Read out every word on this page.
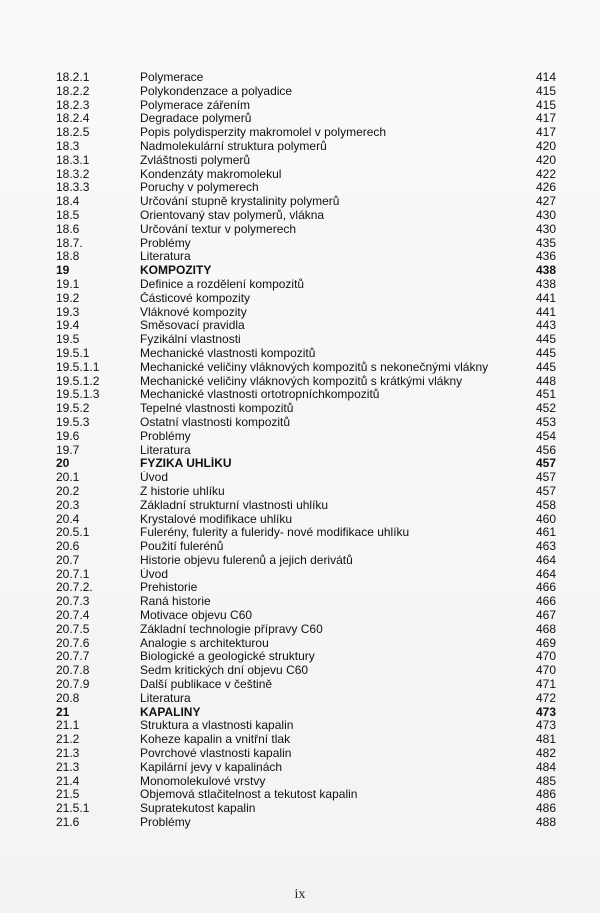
18.2.1	Polymerace	414
18.2.2	Polykondenzace a polyadice	415
18.2.3	Polymerace zářením	415
18.2.4	Degradace polymerů	417
18.2.5	Popis polydisperzity makromolel v polymerech	417
18.3	Nadmolekulární struktura polymerů	420
18.3.1	Zvláštnosti polymerů	420
18.3.2	Kondenzáty makromolekul	422
18.3.3	Poruchy v polymerech	426
18.4	Určování stupně krystalinity polymerů	427
18.5	Orientovaný stav polymerů, vlákna	430
18.6	Určování textur v polymerech	430
18.7.	Problémy	435
18.8	Literatura	436
19	KOMPOZITY	438
19.1	Definice a rozdělení kompozitů	438
19.2	Částicové kompozity	441
19.3	Vláknové kompozity	441
19.4	Směsovací pravidla	443
19.5	Fyzikální vlastnosti	445
19.5.1	Mechanické vlastnosti kompozitů	445
19.5.1.1	Mechanické veličiny vláknových kompozitů s nekonečnými vlákny	445
19.5.1.2	Mechanické veličiny vláknových kompozitů s krátkými vlákny	448
19.5.1.3	Mechanické vlastnosti ortotropníchkompozitů	451
19.5.2	Tepelné vlastnosti kompozitů	452
19.5.3	Ostatní vlastnosti kompozitů	453
19.6	Problémy	454
19.7	Literatura	456
20	FYZIKA UHLÍKU	457
20.1	Úvod	457
20.2	Z historie uhlíku	457
20.3	Základní strukturní vlastnosti uhlíku	458
20.4	Krystalové modifikace uhlíku	460
20.5.1	Fulerény, fulerity a fuleridy- nové modifikace uhlíku	461
20.6	Použití fulerénů	463
20.7	Historie objevu fulerenů a jejich derivátů	464
20.7.1	Úvod	464
20.7.2.	Prehistorie	466
20.7.3	Raná historie	466
20.7.4	Motivace objevu C60	467
20.7.5	Základní technologie přípravy C60	468
20.7.6	Analogie s architekturou	469
20.7.7	Biologické a geologické struktury	470
20.7.8	Sedm kritických dní objevu C60	470
20.7.9	Další publikace v češtině	471
20.8	Literatura	472
21	KAPALINY	473
21.1	Struktura a vlastnosti kapalin	473
21.2	Koheze kapalin a vnitřní tlak	481
21.3	Povrchové vlastnosti kapalin	482
21.3	Kapilární jevy v kapalinách	484
21.4	Monomolekulové vrstvy	485
21.5	Objemová stlačitelnost a tekutost kapalin	486
21.5.1	Supratekutost kapalin	486
21.6	Problémy	488
ix
